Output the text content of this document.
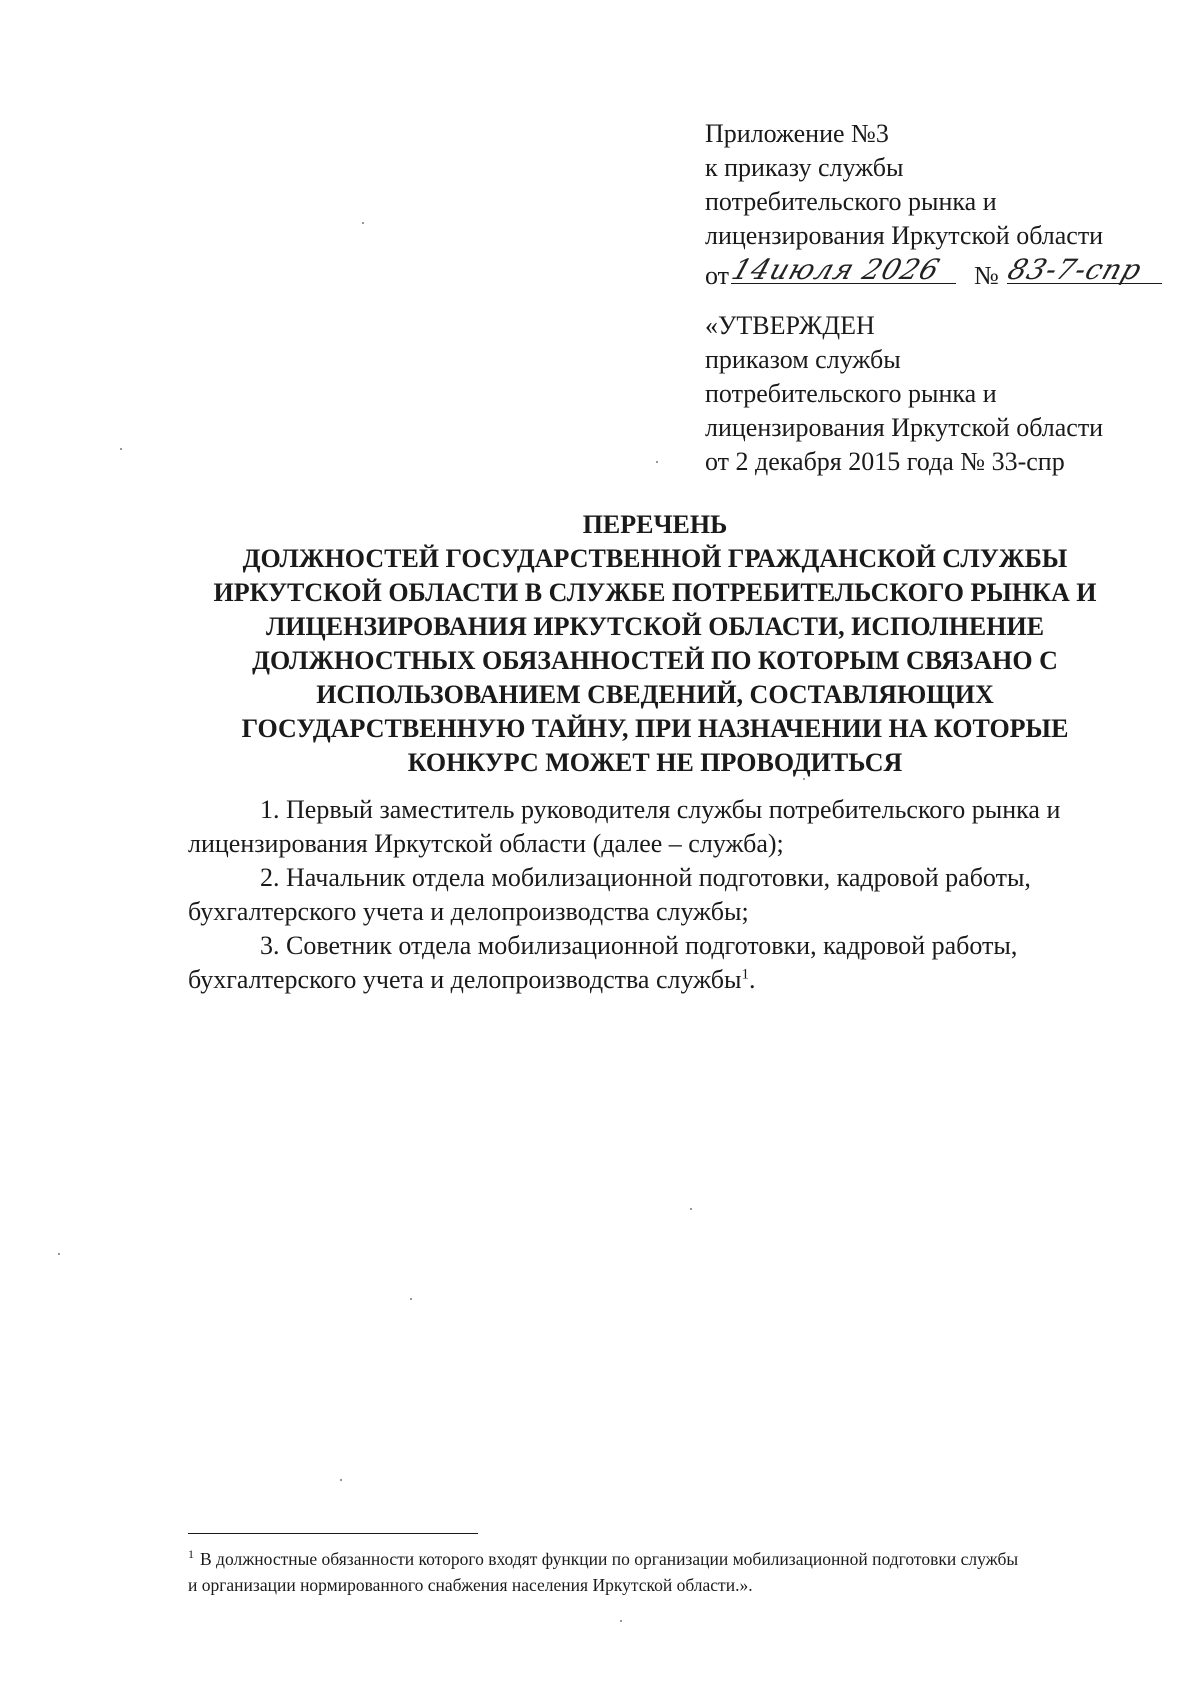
Приложение №3
к приказу службы
потребительского рынка и
лицензирования Иркутской области
от
14июля 2026 № 83-7-спр
«УТВЕРЖДЕН
приказом службы
потребительского рынка и
лицензирования Иркутской области
от 2 декабря 2015 года № 33-спр
ПЕРЕЧЕНЬ
ДОЛЖНОСТЕЙ ГОСУДАРСТВЕННОЙ ГРАЖДАНСКОЙ СЛУЖБЫ
ИРКУТСКОЙ ОБЛАСТИ В СЛУЖБЕ ПОТРЕБИТЕЛЬСКОГО РЫНКА И
ЛИЦЕНЗИРОВАНИЯ ИРКУТСКОЙ ОБЛАСТИ, ИСПОЛНЕНИЕ
ДОЛЖНОСТНЫХ ОБЯЗАННОСТЕЙ ПО КОТОРЫМ СВЯЗАНО С
ИСПОЛЬЗОВАНИЕМ СВЕДЕНИЙ, СОСТАВЛЯЮЩИХ
ГОСУДАРСТВЕННУЮ ТАЙНУ, ПРИ НАЗНАЧЕНИИ НА КОТОРЫЕ
КОНКУРС МОЖЕТ НЕ ПРОВОДИТЬСЯ

1. Первый заместитель руководителя службы потребительского рынка и
лицензирования Иркутской области (далее – служба);

2. Начальник отдела мобилизационной подготовки, кадровой работы,
бухгалтерского учета и делопроизводства службы;

3. Советник отдела мобилизационной подготовки, кадровой работы,
бухгалтерского учета и делопроизводства службы$^1$.

$^1$ В должностные обязанности которого входят функции по организации мобилизационной подготовки службы
и организации нормированного снабжения населения Иркутской области.».
